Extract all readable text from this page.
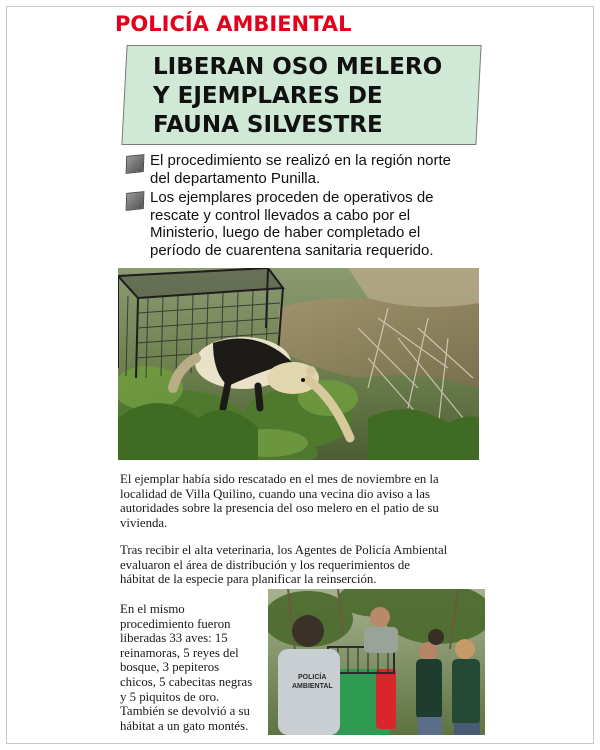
POLICÍA AMBIENTAL
LIBERAN OSO MELERO
Y EJEMPLARES DE
FAUNA SILVESTRE
El procedimiento se realizó en la región norte
del departamento Punilla.
Los ejemplares proceden de operativos de
rescate y control llevados a cabo por el
Ministerio, luego de haber completado el
período de cuarentena sanitaria requerido.
El ejemplar había sido rescatado en el mes de noviembre en la
localidad de Villa Quilino, cuando una vecina dio aviso a las
autoridades sobre la presencia del oso melero en el patio de su
vivienda.
Tras recibir el alta veterinaria, los Agentes de Policía Ambiental
evaluaron el área de distribución y los requerimientos de
hábitat de la especie para planificar la reinserción.
En el mismo
procedimiento fueron
liberadas 33 aves: 15
reinamoras, 5 reyes del
bosque, 3 pepiteros
chicos, 5 cabecitas negras
y 5 piquitos de oro.
También se devolvió a su
hábitat a un gato montés.
POLICÍA
AMBIENTAL
